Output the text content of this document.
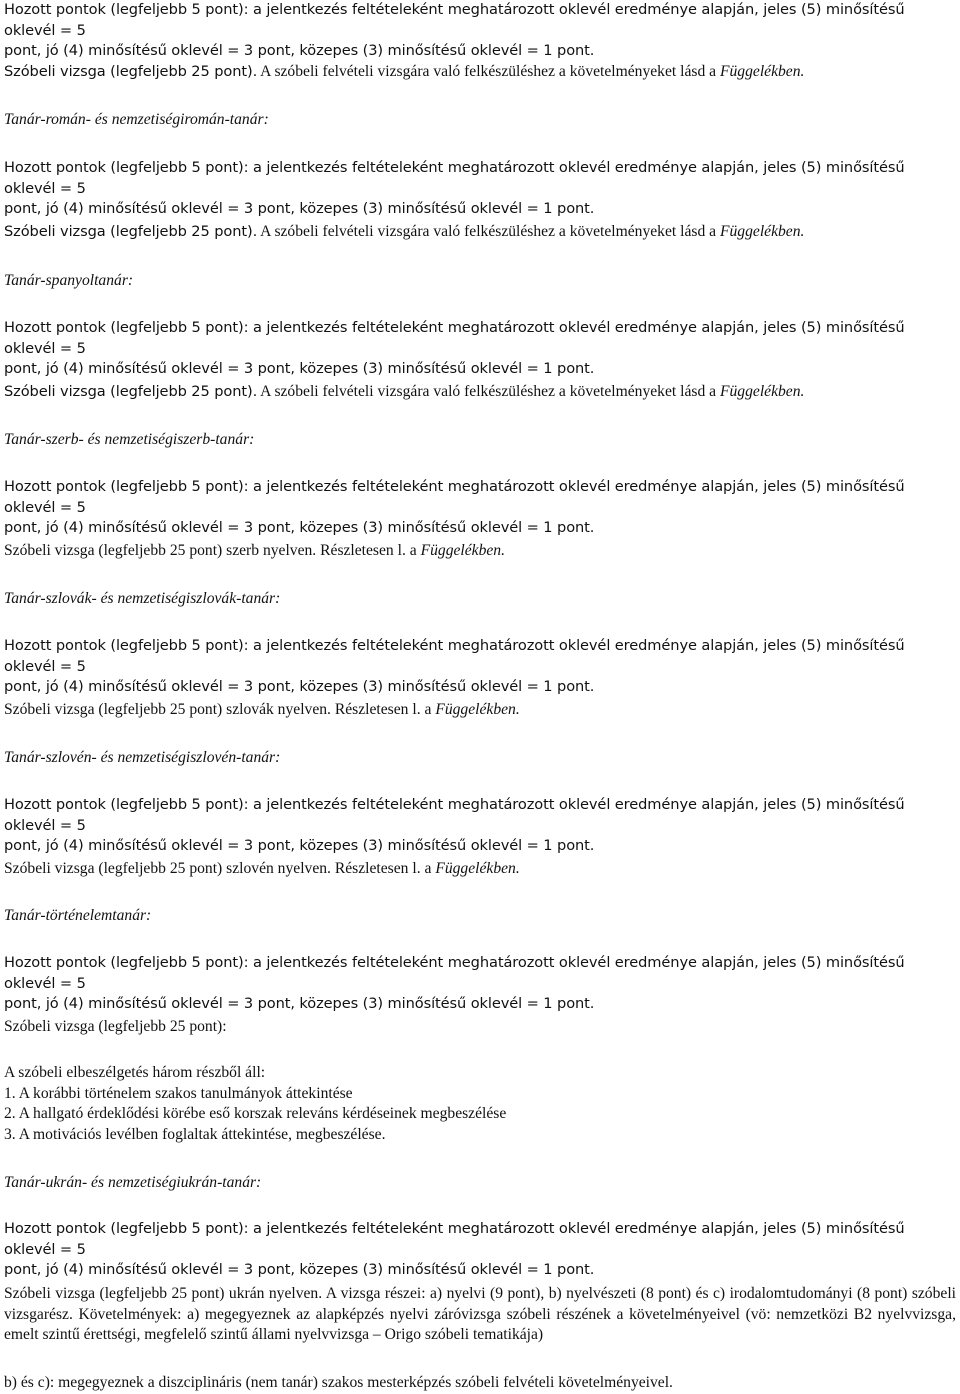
Hozott pontok (legfeljebb 5 pont): a jelentkezés feltételeként meghatározott oklevél eredménye alapján, jeles (5) minősítésű oklevél = 5
pont, jó (4) minősítésű oklevél = 3 pont, közepes (3) minősítésű oklevél = 1 pont.

Szóbeli vizsga (legfeljebb 25 pont). A szóbeli felvételi vizsgára való felkészüléshez a követelményeket lásd a Függelékben.

Tanár-román- és nemzetiségiromán-tanár:

Hozott pontok (legfeljebb 5 pont): a jelentkezés feltételeként meghatározott oklevél eredménye alapján, jeles (5) minősítésű oklevél = 5
pont, jó (4) minősítésű oklevél = 3 pont, közepes (3) minősítésű oklevél = 1 pont.

Szóbeli vizsga (legfeljebb 25 pont). A szóbeli felvételi vizsgára való felkészüléshez a követelményeket lásd a Függelékben.

Tanár-spanyoltanár:

Hozott pontok (legfeljebb 5 pont): a jelentkezés feltételeként meghatározott oklevél eredménye alapján, jeles (5) minősítésű oklevél = 5
pont, jó (4) minősítésű oklevél = 3 pont, közepes (3) minősítésű oklevél = 1 pont.

Szóbeli vizsga (legfeljebb 25 pont). A szóbeli felvételi vizsgára való felkészüléshez a követelményeket lásd a Függelékben.

Tanár-szerb- és nemzetiségiszerb-tanár:

Hozott pontok (legfeljebb 5 pont): a jelentkezés feltételeként meghatározott oklevél eredménye alapján, jeles (5) minősítésű oklevél = 5
pont, jó (4) minősítésű oklevél = 3 pont, közepes (3) minősítésű oklevél = 1 pont.

Szóbeli vizsga (legfeljebb 25 pont) szerb nyelven. Részletesen l. a Függelékben.

Tanár-szlovák- és nemzetiségiszlovák-tanár:

Hozott pontok (legfeljebb 5 pont): a jelentkezés feltételeként meghatározott oklevél eredménye alapján, jeles (5) minősítésű oklevél = 5
pont, jó (4) minősítésű oklevél = 3 pont, közepes (3) minősítésű oklevél = 1 pont.

Szóbeli vizsga (legfeljebb 25 pont) szlovák nyelven. Részletesen l. a Függelékben.

Tanár-szlovén- és nemzetiségiszlovén-tanár:

Hozott pontok (legfeljebb 5 pont): a jelentkezés feltételeként meghatározott oklevél eredménye alapján, jeles (5) minősítésű oklevél = 5
pont, jó (4) minősítésű oklevél = 3 pont, közepes (3) minősítésű oklevél = 1 pont.

Szóbeli vizsga (legfeljebb 25 pont) szlovén nyelven. Részletesen l. a Függelékben.

Tanár-történelemtanár:

Hozott pontok (legfeljebb 5 pont): a jelentkezés feltételeként meghatározott oklevél eredménye alapján, jeles (5) minősítésű oklevél = 5
pont, jó (4) minősítésű oklevél = 3 pont, közepes (3) minősítésű oklevél = 1 pont.

Szóbeli vizsga (legfeljebb 25 pont):

A szóbeli elbeszélgetés három részből áll:

1. A korábbi történelem szakos tanulmányok áttekintése
2. A hallgató érdeklődési körébe eső korszak releváns kérdéseinek megbeszélése
3. A motivációs levélben foglaltak áttekintése, megbeszélése.

Tanár-ukrán- és nemzetiségiukrán-tanár:

Hozott pontok (legfeljebb 5 pont): a jelentkezés feltételeként meghatározott oklevél eredménye alapján, jeles (5) minősítésű oklevél = 5
pont, jó (4) minősítésű oklevél = 3 pont, közepes (3) minősítésű oklevél = 1 pont.

Szóbeli vizsga (legfeljebb 25 pont) ukrán nyelven. A vizsga részei: a) nyelvi (9 pont), b) nyelvészeti (8 pont) és c) irodalomtudományi (8 pont) szóbeli vizsgarész. Követelmények: a) megegyeznek az alapképzés nyelvi záróvizsga szóbeli részének a követelményeivel (vö: nemzetközi B2 nyelvvizsga, emelt szintű érettségi, megfelelő szintű állami nyelvvizsga – Origo szóbeli tematikája)

b) és c): megegyeznek a diszciplináris (nem tanár) szakos mesterképzés szóbeli felvételi követelményeivel.
